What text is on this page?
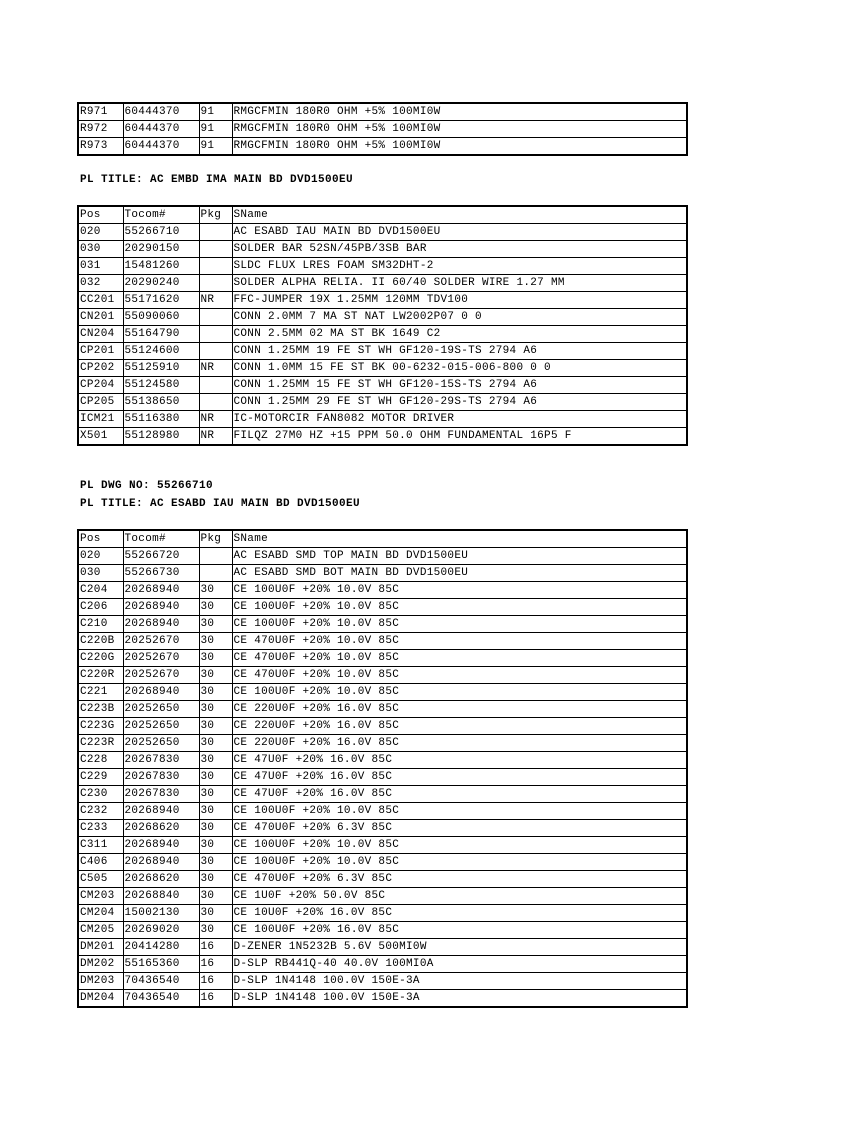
R971	60444370	91	RMGCFMIN 180R0 OHM +5% 100MI0W
R972	60444370	91	RMGCFMIN 180R0 OHM +5% 100MI0W
R973	60444370	91	RMGCFMIN 180R0 OHM +5% 100MI0W
PL TITLE: AC EMBD IMA MAIN BD DVD1500EU
Pos	Tocom#	Pkg	SName
020	55266710		AC ESABD IAU MAIN BD DVD1500EU
030	20290150		SOLDER BAR 52SN/45PB/3SB BAR
031	15481260		SLDC FLUX LRES FOAM SM32DHT-2
032	20290240		SOLDER ALPHA RELIA. II 60/40 SOLDER WIRE 1.27 MM
CC201	55171620	NR	FFC-JUMPER 19X 1.25MM 120MM TDV100
CN201	55090060		CONN 2.0MM 7 MA ST NAT LW2002P07 0 0
CN204	55164790		CONN 2.5MM 02 MA ST BK 1649 C2
CP201	55124600		CONN 1.25MM 19 FE ST WH GF120-19S-TS 2794 A6
CP202	55125910	NR	CONN 1.0MM 15 FE ST BK 00-6232-015-006-800 0 0
CP204	55124580		CONN 1.25MM 15 FE ST WH GF120-15S-TS 2794 A6
CP205	55138650		CONN 1.25MM 29 FE ST WH GF120-29S-TS 2794 A6
ICM21	55116380	NR	IC-MOTORCIR FAN8082 MOTOR DRIVER
X501	55128980	NR	FILQZ 27M0 HZ +15 PPM 50.0 OHM FUNDAMENTAL 16P5 F
PL DWG NO: 55266710
PL TITLE: AC ESABD IAU MAIN BD DVD1500EU
Pos	Tocom#	Pkg	SName
020	55266720		AC ESABD SMD TOP MAIN BD DVD1500EU
030	55266730		AC ESABD SMD BOT MAIN BD DVD1500EU
C204	20268940	30	CE 100U0F +20% 10.0V 85C
C206	20268940	30	CE 100U0F +20% 10.0V 85C
C210	20268940	30	CE 100U0F +20% 10.0V 85C
C220B	20252670	30	CE 470U0F +20% 10.0V 85C
C220G	20252670	30	CE 470U0F +20% 10.0V 85C
C220R	20252670	30	CE 470U0F +20% 10.0V 85C
C221	20268940	30	CE 100U0F +20% 10.0V 85C
C223B	20252650	30	CE 220U0F +20% 16.0V 85C
C223G	20252650	30	CE 220U0F +20% 16.0V 85C
C223R	20252650	30	CE 220U0F +20% 16.0V 85C
C228	20267830	30	CE 47U0F +20% 16.0V 85C
C229	20267830	30	CE 47U0F +20% 16.0V 85C
C230	20267830	30	CE 47U0F +20% 16.0V 85C
C232	20268940	30	CE 100U0F +20% 10.0V 85C
C233	20268620	30	CE 470U0F +20% 6.3V 85C
C311	20268940	30	CE 100U0F +20% 10.0V 85C
C406	20268940	30	CE 100U0F +20% 10.0V 85C
C505	20268620	30	CE 470U0F +20% 6.3V 85C
CM203	20268840	30	CE 1U0F +20% 50.0V 85C
CM204	15002130	30	CE 10U0F +20% 16.0V 85C
CM205	20269020	30	CE 100U0F +20% 16.0V 85C
DM201	20414280	16	D-ZENER 1N5232B 5.6V 500MI0W
DM202	55165360	16	D-SLP RB441Q-40 40.0V 100MI0A
DM203	70436540	16	D-SLP 1N4148 100.0V 150E-3A
DM204	70436540	16	D-SLP 1N4148 100.0V 150E-3A
